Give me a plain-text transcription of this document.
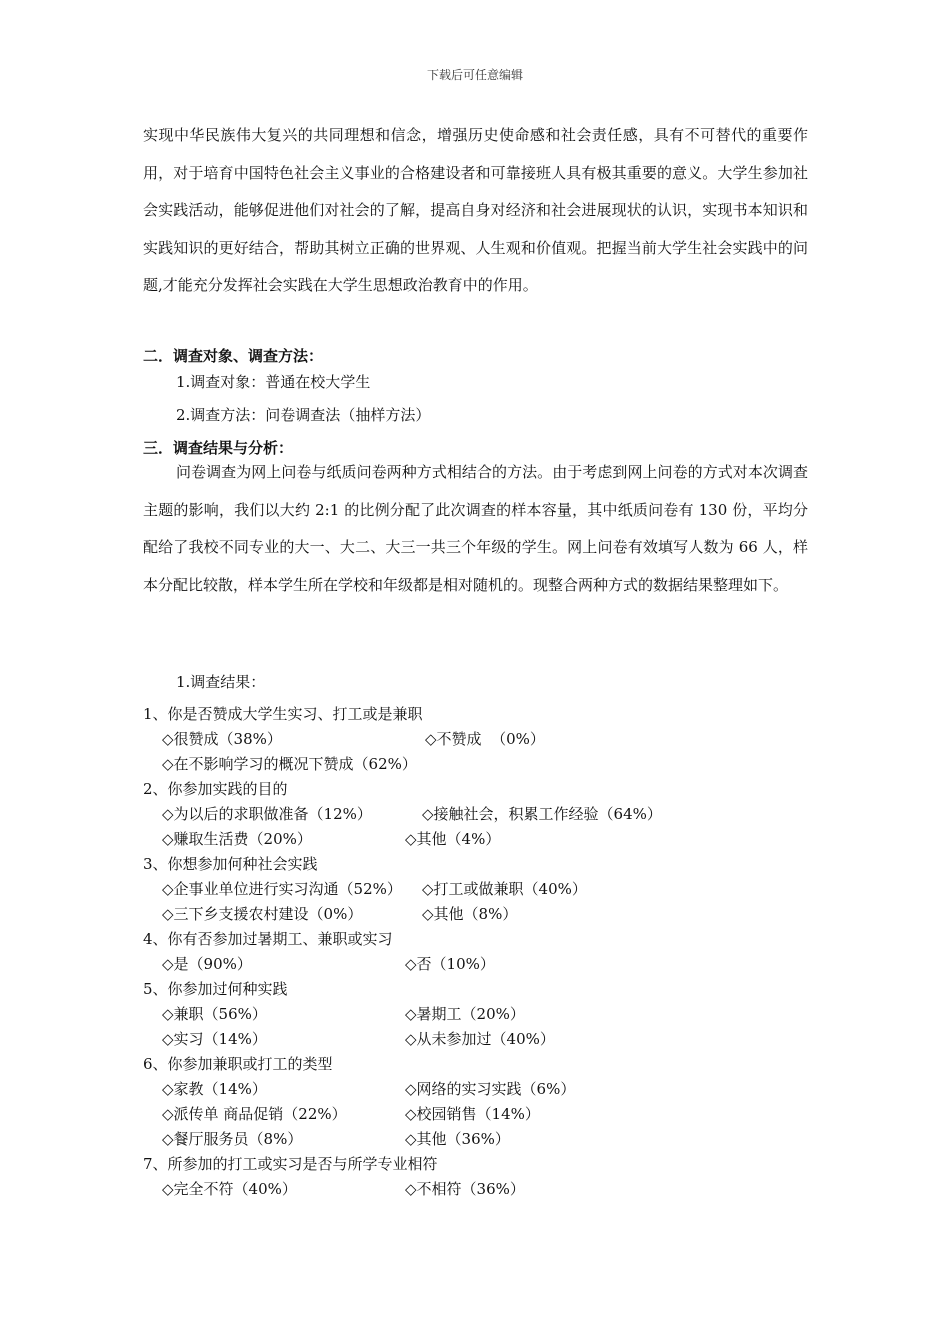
下载后可任意编辑
实现中华民族伟大复兴的共同理想和信念，增强历史使命感和社会责任感，具有不可替代的重要作用，对于培育中国特色社会主义事业的合格建设者和可靠接班人具有极其重要的意义。大学生参加社会实践活动，能够促进他们对社会的了解，提高自身对经济和社会进展现状的认识，实现书本知识和实践知识的更好结合，帮助其树立正确的世界观、人生观和价值观。把握当前大学生社会实践中的问题,才能充分发挥社会实践在大学生思想政治教育中的作用。
二．调查对象、调查方法：
1.调查对象：普通在校大学生
2.调查方法：问卷调查法（抽样方法）
三．调查结果与分析：
问卷调查为网上问卷与纸质问卷两种方式相结合的方法。由于考虑到网上问卷的方式对本次调查主题的影响，我们以大约 2:1 的比例分配了此次调查的样本容量，其中纸质问卷有 130 份，平均分配给了我校不同专业的大一、大二、大三一共三个年级的学生。网上问卷有效填写人数为 66 人，样本分配比较散，样本学生所在学校和年级都是相对随机的。现整合两种方式的数据结果整理如下。
1.调查结果：
1、你是否赞成大学生实习、打工或是兼职
◇很赞成（38%）	◇不赞成  （0%）
◇在不影响学习的概况下赞成（62%）
2、你参加实践的目的
◇为以后的求职做准备（12%）	◇接触社会，积累工作经验（64%）
◇赚取生活费（20%）	◇其他（4%）
3、你想参加何种社会实践
◇企事业单位进行实习沟通（52%） ◇打工或做兼职（40%）
◇三下乡支援农村建设（0%）	◇其他（8%）
4、你有否参加过暑期工、兼职或实习
◇是（90%）	◇否（10%）
5、你参加过何种实践
◇兼职（56%）	◇暑期工（20%）
◇实习（14%）	◇从未参加过（40%）
6、你参加兼职或打工的类型
◇家教（14%）	◇网络的实习实践（6%）
◇派传单 商品促销（22%）	◇校园销售（14%）
◇餐厅服务员（8%）	◇其他（36%）
7、所参加的打工或实习是否与所学专业相符
◇完全不符（40%）	◇不相符（36%）
